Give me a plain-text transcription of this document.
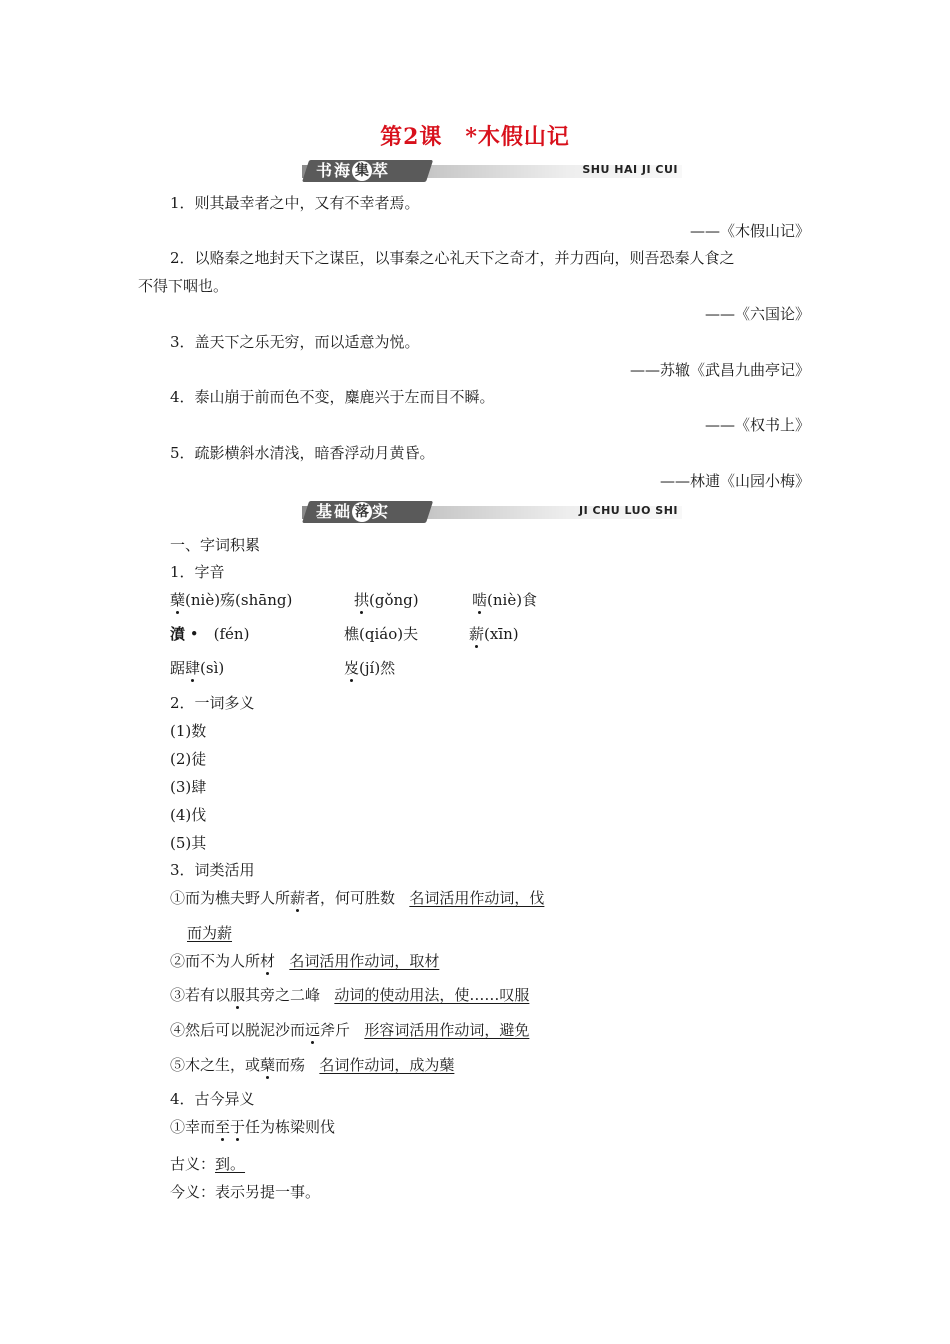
第2课　*木假山记
书海 集 萃	SHU HAI JI CUI
1．则其最幸者之中，又有不幸者焉。
——《木假山记》
2．以赂秦之地封天下之谋臣，以事秦之心礼天下之奇才，并力西向，则吾恐秦人食之
不得下咽也。
——《六国论》
3．盖天下之乐无穷，而以适意为悦。
——苏辙《武昌九曲亭记》
4．泰山崩于前而色不变，麋鹿兴于左而目不瞬。
——《权书上》
5．疏影横斜水清浅，暗香浮动月黄昏。
——林逋《山园小梅》
基础 落 实	JI CHU LUO SHI
一、字词积累
1．字音
蘖(niè)殇(shāng)	拱(gǒng)	啮(niè)食
濆 •　(fén)	樵(qiáo)夫	薪(xīn)
踞肆(sì)	岌(jí)然
2．一词多义
(1)数
(2)徒
(3)肆
(4)伐
(5)其
3．词类活用
①而为樵夫野人所薪者，何可胜数 名词活用作动词，伐
而为薪
②而不为人所材 名词活用作动词，取材
③若有以服其旁之二峰 动词的使动用法，使……叹服
④然后可以脱泥沙而远斧斤 形容词活用作动词，避免
⑤木之生，或蘖而殇 名词作动词，成为蘖
4．古今异义
①幸而至于任为栋梁则伐
古义：到。
今义：表示另提一事。
